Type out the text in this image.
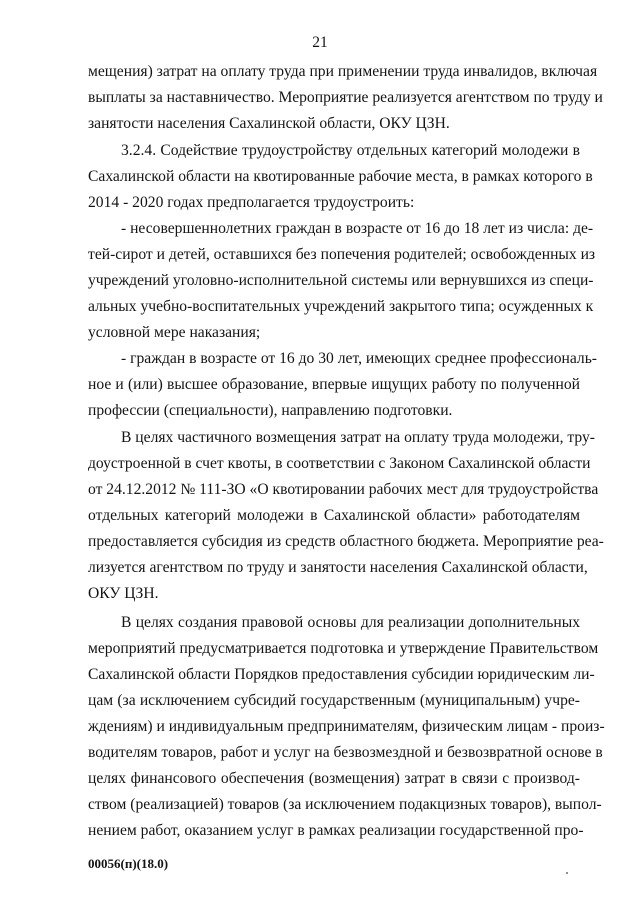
21
мещения) затрат на оплату труда при применении труда инвалидов, включая
выплаты за наставничество. Мероприятие реализуется агентством по труду и
занятости населения Сахалинской области, ОКУ ЦЗН.
3.2.4. Содействие трудоустройству отдельных категорий молодежи в
Сахалинской области на квотированные рабочие места, в рамках которого в
2014 - 2020 годах предполагается трудоустроить:
- несовершеннолетних граждан в возрасте от 16 до 18 лет из числа: де-
тей-сирот и детей, оставшихся без попечения родителей; освобожденных из
учреждений уголовно-исполнительной системы или вернувшихся из специ-
альных учебно-воспитательных учреждений закрытого типа; осужденных к
условной мере наказания;
- граждан в возрасте от 16 до 30 лет, имеющих среднее профессиональ-
ное и (или) высшее образование, впервые ищущих работу по полученной
профессии (специальности), направлению подготовки.
В целях частичного возмещения затрат на оплату труда молодежи, тру-
доустроенной в счет квоты, в соответствии с Законом Сахалинской области
от 24.12.2012 № 111-ЗО «О квотировании рабочих мест для трудоустройства
отдельных категорий молодежи в Сахалинской области» работодателям
предоставляется субсидия из средств областного бюджета. Мероприятие реа-
лизуется агентством по труду и занятости населения Сахалинской области,
ОКУ ЦЗН.
В целях создания правовой основы для реализации дополнительных
мероприятий предусматривается подготовка и утверждение Правительством
Сахалинской области Порядков предоставления субсидии юридическим ли-
цам (за исключением субсидий государственным (муниципальным) учре-
ждениям) и индивидуальным предпринимателям, физическим лицам - произ-
водителям товаров, работ и услуг на безвозмездной и безвозвратной основе в
целях финансового обеспечения (возмещения) затрат в связи с производ-
ством (реализацией) товаров (за исключением подакцизных товаров), выпол-
нением работ, оказанием услуг в рамках реализации государственной про-
00056(п)(18.0)
